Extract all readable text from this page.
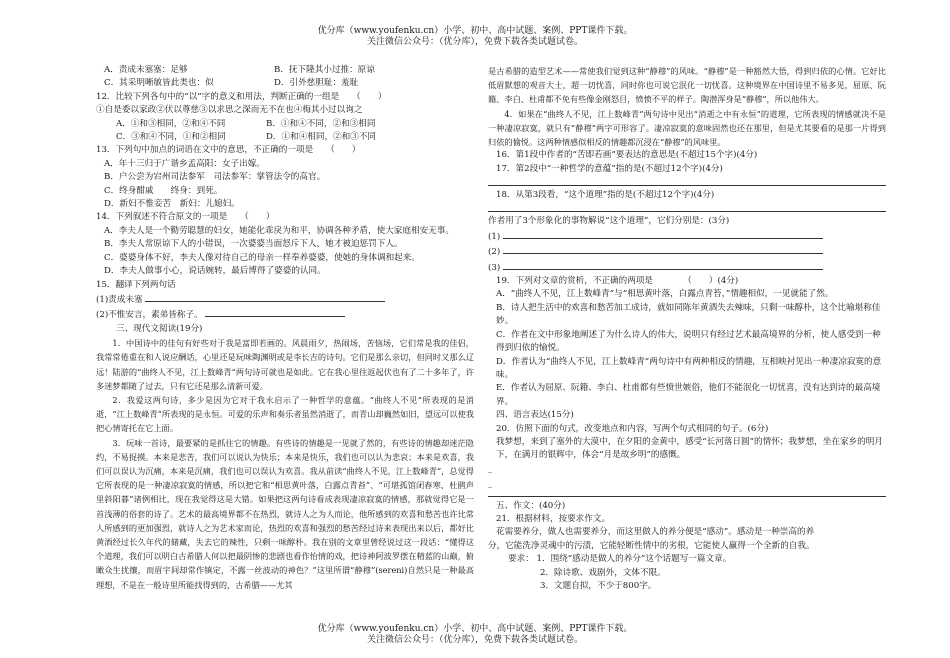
优分库（www.youfenku.cn）小学、初中、高中试题、案例、PPT课件下载。
关注微信公众号：（优分库），免费下载各类试题试卷。
A．责成未塞塞：足够	B．抚下隆其小过推：原谅
C．其采明晰敏皆此类也：似	D．引外慈胆耻：羞耻
12．比较下列各句中的“以”字的意义和用法，判断正确的一组是　　（　　）
①自是委以家政②伏以尊慈③以求思之深而无不在也④梅其小过以询之
A．①和③相同，②和④不同	B．①和④不同，②和③相同
C．③和④不同，①和②相同	D．①和④相同，②和③不同
13．下列句中加点的词语在文中的意思，不正确的一项是　　（　　）
A．年十三归于广谐乡孟高阳：女子出嫁。
B．户公尝为宕州司法参军　司法参军：掌管法令的高官。
C．终身酣戚　　终身：到死。
D．新妇不惟妾苦　新妇：儿媳妇。
14．下列叙述不符合原文的一项是　　（　　）
A．李夫人是一个勤劳聪慧的妇女，她能化乖戾为和平，协调各种矛盾，使大家庭相安无事。
B．李夫人常原谅下人的小错误，一次婆婆当面怒斥下人，她才被迫惩罚下人。
C．婆婆身体不好，李夫人像对待自己的母亲一样奉养婆婆，使她的身体调和起来。
D．李夫人做事小心，说话婉转，最后博得了婆婆的认同。
15．翻译下列两句话
(1)责成未塞
(2)不惟安言，素弟皆称子。
三、现代文阅读(19分)
1．中国诗中的佳句有好些对于我是富即若画的。风晨雨夕，热闹场，苦恼场，它们常是我的佳侣，我常常倦重在和人说应酬话，心里还是玩味陶渊明或是李长吉的诗句。它们是那么亲切，但同时又那么辽远！陆游的“曲终人不见，江上数峰青”两句诗可就也是如此。它在我心里往返起伏也有了二十多年了，许多迷梦都随了过去，只有它还是那么清新可爱。
2．我爱这两句诗，多少是因为它对于我永启示了一种哲学的意蕴。“曲终人不见”所表现的是消逝，“江上数峰青”所表现的是永恒。可爱的乐声和奏乐者虽然消逝了，而青山却巍然如旧，望远可以使我把心情寄托在它上面。
3．玩味一首诗，最要紧的是抓住它的情趣。有些诗的情趣是一见就了然的，有些诗的情趣却迷茫隐约，不易捉摸。本来是悲苦，我们可以说认为快乐；本来是快乐，我们也可以认为悲哀；本来是欢喜，我们可以误认为沉痛，本来是沉痛，我们也可以误认为欢喜。我从前读“曲终人不见，江上数峰青”，总觉得它所表现的是一种凄凉寂寞的情感，所以把它和“相思黄叶落，白露点青苔”、“可堪孤馆闭春寒，杜鹃声里斜阳暮”诸例相比，现在我觉得这是大错。如果把这两句诗看成表现凄凉寂寞的情感，那就觉得它是一首浅薄的俗套的诗了。艺术的最高境界都不在热烈，就诗人之为人而论，他所感到的欢喜和愁苦也许比常人所感到的更加强烈，就诗人之为艺术家而论，热烈的欢喜和强烈的愁苦经过诗来表现出来以后，都好比黄酒经过长久年代的储藏，失去它的辣性，只剩一味醇朴。我在别的文章里曾经说过这一段话：“懂得这个道理，我们可以明白古希腊人何以把最阴惨的悲剧也看作怡情的戏，把诗神阿波罗摆在精蓝的山巅，俯瞰众生扰攘，而眉宇间却常作镇定，不露一丝波动的神色？”这里所谓“静穆”(sereni)自然只是一种最高理想，不是在一般诗里所能找得到的，古希腊——尤其
是古希腊的造型艺术——常使我们觉到这种“静穆”的风味。“静穆”是一种豁然大悟，得到归依的心情。它好比低眉默想的观音大士，超一切忧喜，同时你也可说它泯化一切忧喜。这种境界在中国诗里不易多见，屈原、阮籍、李白、杜甫都不免有些像金刚怒目，愤愤不平的样子。陶潜浑身是“静穆”，所以他伟大。
4．如果在“曲终人不见，江上数峰青”两句诗中见出“消逝之中有永恒”的道理，它所表现的情感就决不是一种凄凉寂寞，就只有“静穆”两字可形容了。凄凉寂寞的意味固然也还在那里，但是尤其要看的是那一片得到归依的愉悦。这两种情感似相反的情趣都沉浸在“静穆”的风味里。
16．第1段中作者的“苦即若画”要表达的意思是(不超过15个字)(4分)
17．第2段中“一种哲学的意蕴”指的是(不超过12个字)(4分)
18．从第3段看，“这个道理”指的是(不超过12个字)(4分)
作者用了3个形象化的事物解说“这个道理”，它们分别是：(3分)
(1)
(2)
(3)
19．下列对文章的赏析，不正确的两项是　　　　（　　）(4分)
A．“曲终人不见，江上数峰青”与“相思黄叶落，白露点青苔，”情趣相似，一见就能了然。
B．诗人把生活中的欢喜和愁苦加工成诗，就如同陈年黄酒失去辣味，只剩一味醇朴，这个比喻堪称佳妙。
C．作者在文中形象地阐述了为什么诗人的伟大，说明只有经过艺术最高境界的分析，使人感受到一种得到归依的愉悦。
D．作者认为“曲终人不见，江上数峰青”两句诗中有两种相反的情趣，互相映衬见出一种凄凉寂寞的意味。
E．作者认为屈原、阮籍、李白、杜甫都有些愤世嫉俗，他们不能泯化一切忧喜，没有达到诗的最高境界。
四、语言表达(15分)
20．仿照下面的句式，改变地点和内容，写两个句式相同的句子。(6分)
我梦想，来到了塞外的大漠中，在夕阳的金黄中，感受“长河落日圆”的情怀；我梦想，坐在家乡的明月下，在满月的银辉中，体会“月是故乡明”的感慨。
_
_
五、作文：(40分)
21．根据材料，按要求作文。
花需要养分，做人也需要养分，而这里做人的养分便是“感动”。感动是一种崇高的养
分，它能洗净灵魂中的污渍，它能轻断性情中的劣根，它能使人赢得一个全新的自我。
要求： 1．围绕“感动是做人的养分”这个话题写一篇文章。
2．除诗歌、戏剧外，文体不限。
3．文题自拟，不少于800字。
优分库（www.youfenku.cn）小学、初中、高中试题、案例、PPT课件下载。
关注微信公众号：（优分库），免费下载各类试题试卷。
